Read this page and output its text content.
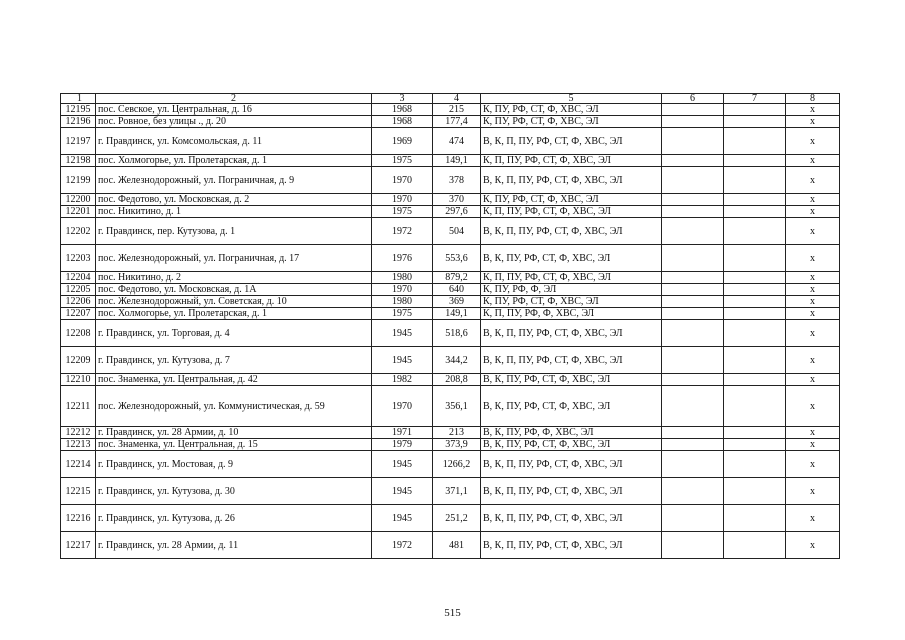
1	2	3	4	5	6	7	8
12195	пос. Севское, ул. Центральная, д. 16	1968	215	К, ПУ, РФ, СТ, Ф, ХВС, ЭЛ			х
12196	пос. Ровное, без улицы ., д. 20	1968	177,4	К, ПУ, РФ, СТ, Ф, ХВС, ЭЛ			х
12197	г. Правдинск, ул. Комсомольская, д. 11	1969	474	В, К, П, ПУ, РФ, СТ, Ф, ХВС, ЭЛ			х
12198	пос. Холмогорье, ул. Пролетарская, д. 1	1975	149,1	К, П, ПУ, РФ, СТ, Ф, ХВС, ЭЛ			х
12199	пос. Железнодорожный, ул. Пограничная, д. 9	1970	378	В, К, П, ПУ, РФ, СТ, Ф, ХВС, ЭЛ			х
12200	пос. Федотово, ул. Московская, д. 2	1970	370	К, ПУ, РФ, СТ, Ф, ХВС, ЭЛ			х
12201	пос. Никитино, д. 1	1975	297,6	К, П, ПУ, РФ, СТ, Ф, ХВС, ЭЛ			х
12202	г. Правдинск, пер. Кутузова, д. 1	1972	504	В, К, П, ПУ, РФ, СТ, Ф, ХВС, ЭЛ			х
12203	пос. Железнодорожный, ул. Пограничная, д. 17	1976	553,6	В, К, ПУ, РФ, СТ, Ф, ХВС, ЭЛ			х
12204	пос. Никитино, д. 2	1980	879,2	К, П, ПУ, РФ, СТ, Ф, ХВС, ЭЛ			х
12205	пос. Федотово, ул. Московская, д. 1А	1970	640	К, ПУ, РФ, Ф, ЭЛ			х
12206	пос. Железнодорожный, ул. Советская, д. 10	1980	369	К, ПУ, РФ, СТ, Ф, ХВС, ЭЛ			х
12207	пос. Холмогорье, ул. Пролетарская, д. 1	1975	149,1	К, П, ПУ, РФ, Ф, ХВС, ЭЛ			х
12208	г. Правдинск, ул. Торговая, д. 4	1945	518,6	В, К, П, ПУ, РФ, СТ, Ф, ХВС, ЭЛ			х
12209	г. Правдинск, ул. Кутузова, д. 7	1945	344,2	В, К, П, ПУ, РФ, СТ, Ф, ХВС, ЭЛ			х
12210	пос. Знаменка, ул. Центральная, д. 42	1982	208,8	В, К, ПУ, РФ, СТ, Ф, ХВС, ЭЛ			х
12211	пос. Железнодорожный, ул. Коммунистическая, д. 59	1970	356,1	В, К, ПУ, РФ, СТ, Ф, ХВС, ЭЛ			х
12212	г. Правдинск, ул. 28 Армии, д. 10	1971	213	В, К, ПУ, РФ, Ф, ХВС, ЭЛ			х
12213	пос. Знаменка, ул. Центральная, д. 15	1979	373,9	В, К, ПУ, РФ, СТ, Ф, ХВС, ЭЛ			х
12214	г. Правдинск, ул. Мостовая, д. 9	1945	1266,2	В, К, П, ПУ, РФ, СТ, Ф, ХВС, ЭЛ			х
12215	г. Правдинск, ул. Кутузова, д. 30	1945	371,1	В, К, П, ПУ, РФ, СТ, Ф, ХВС, ЭЛ			х
12216	г. Правдинск, ул. Кутузова, д. 26	1945	251,2	В, К, П, ПУ, РФ, СТ, Ф, ХВС, ЭЛ			х
12217	г. Правдинск, ул. 28 Армии, д. 11	1972	481	В, К, П, ПУ, РФ, СТ, Ф, ХВС, ЭЛ			х
515
